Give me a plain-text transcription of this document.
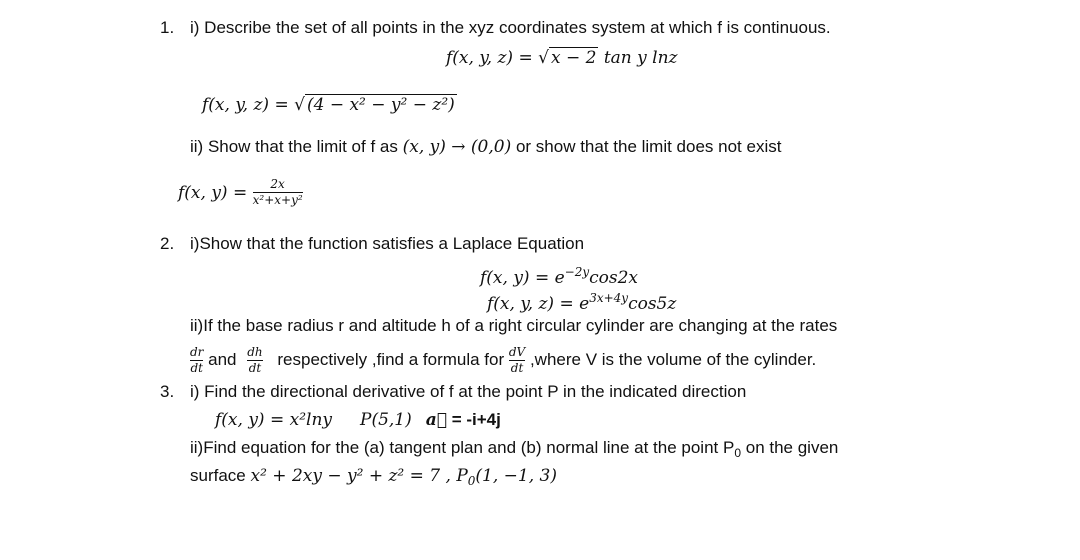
1. i) Describe the set of all points in the xyz coordinates system at which f is continuous.
f(x, y, z) = √ x − 2 tan y lnz
f(x, y, z) = √ (4 − x² − y² − z²)
ii) Show that the limit of f as (x, y) → (0,0) or show that the limit does not exist
f(x, $y) = \frac{2x}{\text{x²+x+y²}}$
2. i)Show that the function satisfies a Laplace Equation
f(x, $y) = e^{-2y}\cos 2x$
f(x, y, $z) = e^{3x+4y}\cos 5z$
ii)If the base radius r and altitude h of a right circular cylinder are changing at the rates
$\frac{dr}{dt}$ and $\frac{dh}{dt}$ respectively ,find a formula for $\frac{dV}{dt}$ ,where V is the volume of the cylinder.
3. i) Find the directional derivative of f at the point P in the indicated direction
f(x, y) = x²lny P(5,1) a⃗ = -i+4j
ii)Find equation for the (a) tangent plan and (b) normal line at the point $P_0$ on the given
surface x² + 2xy − y² + z² = 7 , $P_0(1$, −1, 3)
